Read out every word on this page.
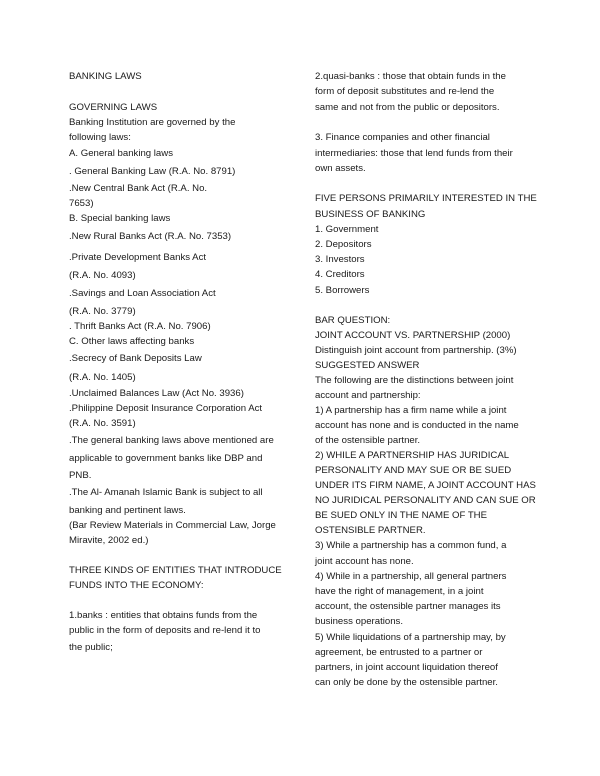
BANKING LAWS
GOVERNING LAWS
Banking Institution are governed by the
following laws:
A. General banking laws
. General Banking Law (R.A. No. 8791)
.New Central Bank Act (R.A. No.
7653)
B. Special banking laws
.New Rural Banks Act (R.A. No. 7353)
.Private Development Banks Act
(R.A. No. 4093)
.Savings and Loan Association Act
(R.A. No. 3779)
. Thrift Banks Act (R.A. No. 7906)
C. Other laws affecting banks
.Secrecy of Bank Deposits Law
(R.A. No. 1405)
.Unclaimed Balances Law (Act No. 3936)
.Philippine Deposit Insurance Corporation Act
(R.A. No. 3591)
.The general banking laws above mentioned are
applicable to government banks like DBP and
PNB.
.The Al- Amanah Islamic Bank is subject to all
banking and pertinent laws.
(Bar Review Materials in Commercial Law, Jorge
Miravite, 2002 ed.)
THREE KINDS OF ENTITIES THAT INTRODUCE
FUNDS INTO THE ECONOMY:
1.banks : entities that obtains funds from the
public in the form of deposits and re-lend it to
the public;
2.quasi-banks : those that obtain funds in the
form of deposit substitutes and re-lend the
same and not from the public or depositors.
3. Finance companies and other financial
intermediaries: those that lend funds from their
own assets.
FIVE PERSONS PRIMARILY INTERESTED IN THE
BUSINESS OF BANKING
1. Government
2. Depositors
3. Investors
4. Creditors
5. Borrowers
BAR QUESTION:
JOINT ACCOUNT VS. PARTNERSHIP (2000)
Distinguish joint account from partnership. (3%)
SUGGESTED ANSWER
The following are the distinctions between joint
account and partnership:
1) A partnership has a firm name while a joint
account has none and is conducted in the name
of the ostensible partner.
2) WHILE A PARTNERSHIP HAS JURIDICAL
PERSONALITY AND MAY SUE OR BE SUED
UNDER ITS FIRM NAME, A JOINT ACCOUNT HAS
NO JURIDICAL PERSONALITY AND CAN SUE OR
BE SUED ONLY IN THE NAME OF THE
OSTENSIBLE PARTNER.
3) While a partnership has a common fund, a
joint account has none.
4) While in a partnership, all general partners
have the right of management, in a joint
account, the ostensible partner manages its
business operations.
5) While liquidations of a partnership may, by
agreement, be entrusted to a partner or
partners, in joint account liquidation thereof
can only be done by the ostensible partner.
